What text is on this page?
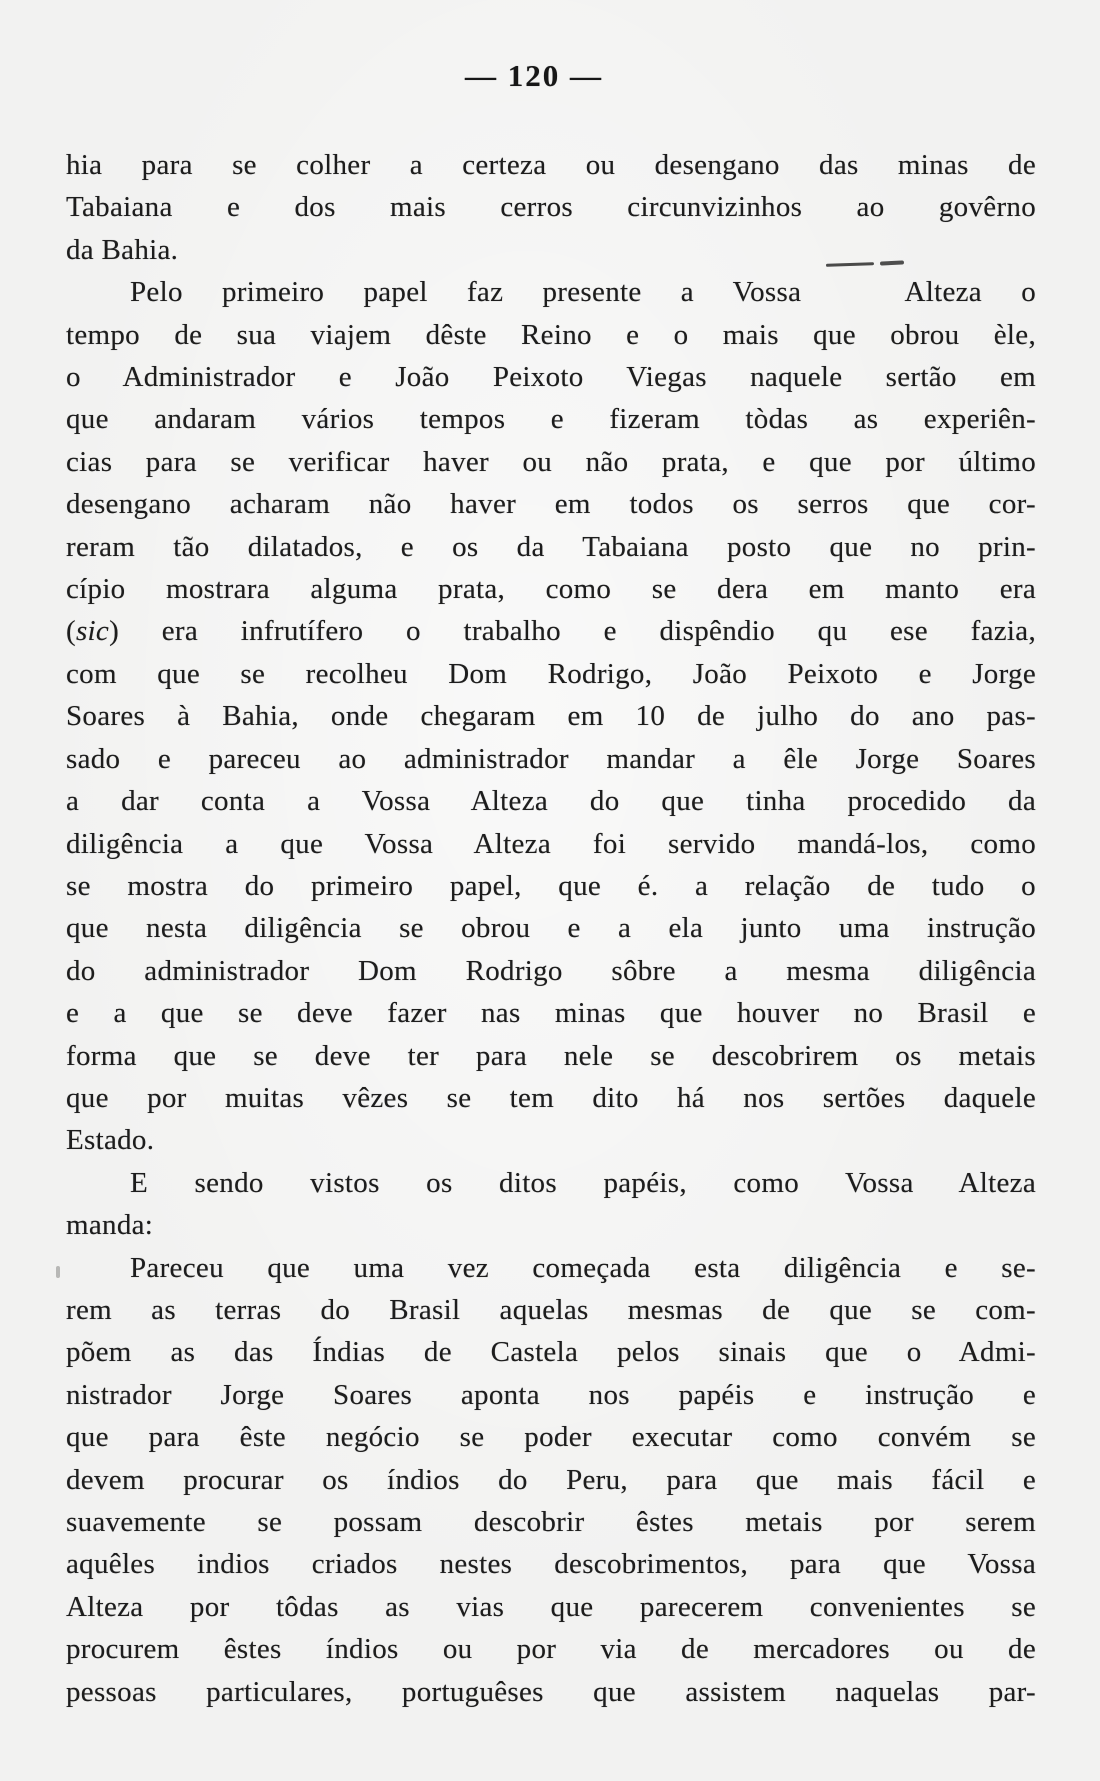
— 120 —
hia para se colher a certeza ou desengano das minas de
Tabaiana e dos mais cerros circunvizinhos ao govêrno
da Bahia.
Pelo primeiro papel faz presente a Vossa Alteza o
tempo de sua viajem dêste Reino e o mais que obrou èle,
o Administrador e João Peixoto Viegas naquele sertão em
que andaram vários tempos e fizeram tòdas as experiên-
cias para se verificar haver ou não prata, e que por último
desengano acharam não haver em todos os serros que cor-
reram tão dilatados, e os da Tabaiana posto que no prin-
cípio mostrara alguma prata, como se dera em manto era
(sic) era infrutífero o trabalho e dispêndio qu ese fazia,
com que se recolheu Dom Rodrigo, João Peixoto e Jorge
Soares à Bahia, onde chegaram em 10 de julho do ano pas-
sado e pareceu ao administrador mandar a êle Jorge Soares
a dar conta a Vossa Alteza do que tinha procedido da
diligência a que Vossa Alteza foi servido mandá-los, como
se mostra do primeiro papel, que é. a relação de tudo o
que nesta diligência se obrou e a ela junto uma instrução
do administrador Dom Rodrigo sôbre a mesma diligência
e a que se deve fazer nas minas que houver no Brasil e
forma que se deve ter para nele se descobrirem os metais
que por muitas vêzes se tem dito há nos sertões daquele
Estado.
E sendo vistos os ditos papéis, como Vossa Alteza
manda:
Pareceu que uma vez começada esta diligência e se-
rem as terras do Brasil aquelas mesmas de que se com-
põem as das Índias de Castela pelos sinais que o Admi-
nistrador Jorge Soares aponta nos papéis e instrução e
que para êste negócio se poder executar como convém se
devem procurar os índios do Peru, para que mais fácil e
suavemente se possam descobrir êstes metais por serem
aquêles indios criados nestes descobrimentos, para que Vossa
Alteza por tôdas as vias que parecerem convenientes se
procurem êstes índios ou por via de mercadores ou de
pessoas particulares, portuguêses que assistem naquelas par-
